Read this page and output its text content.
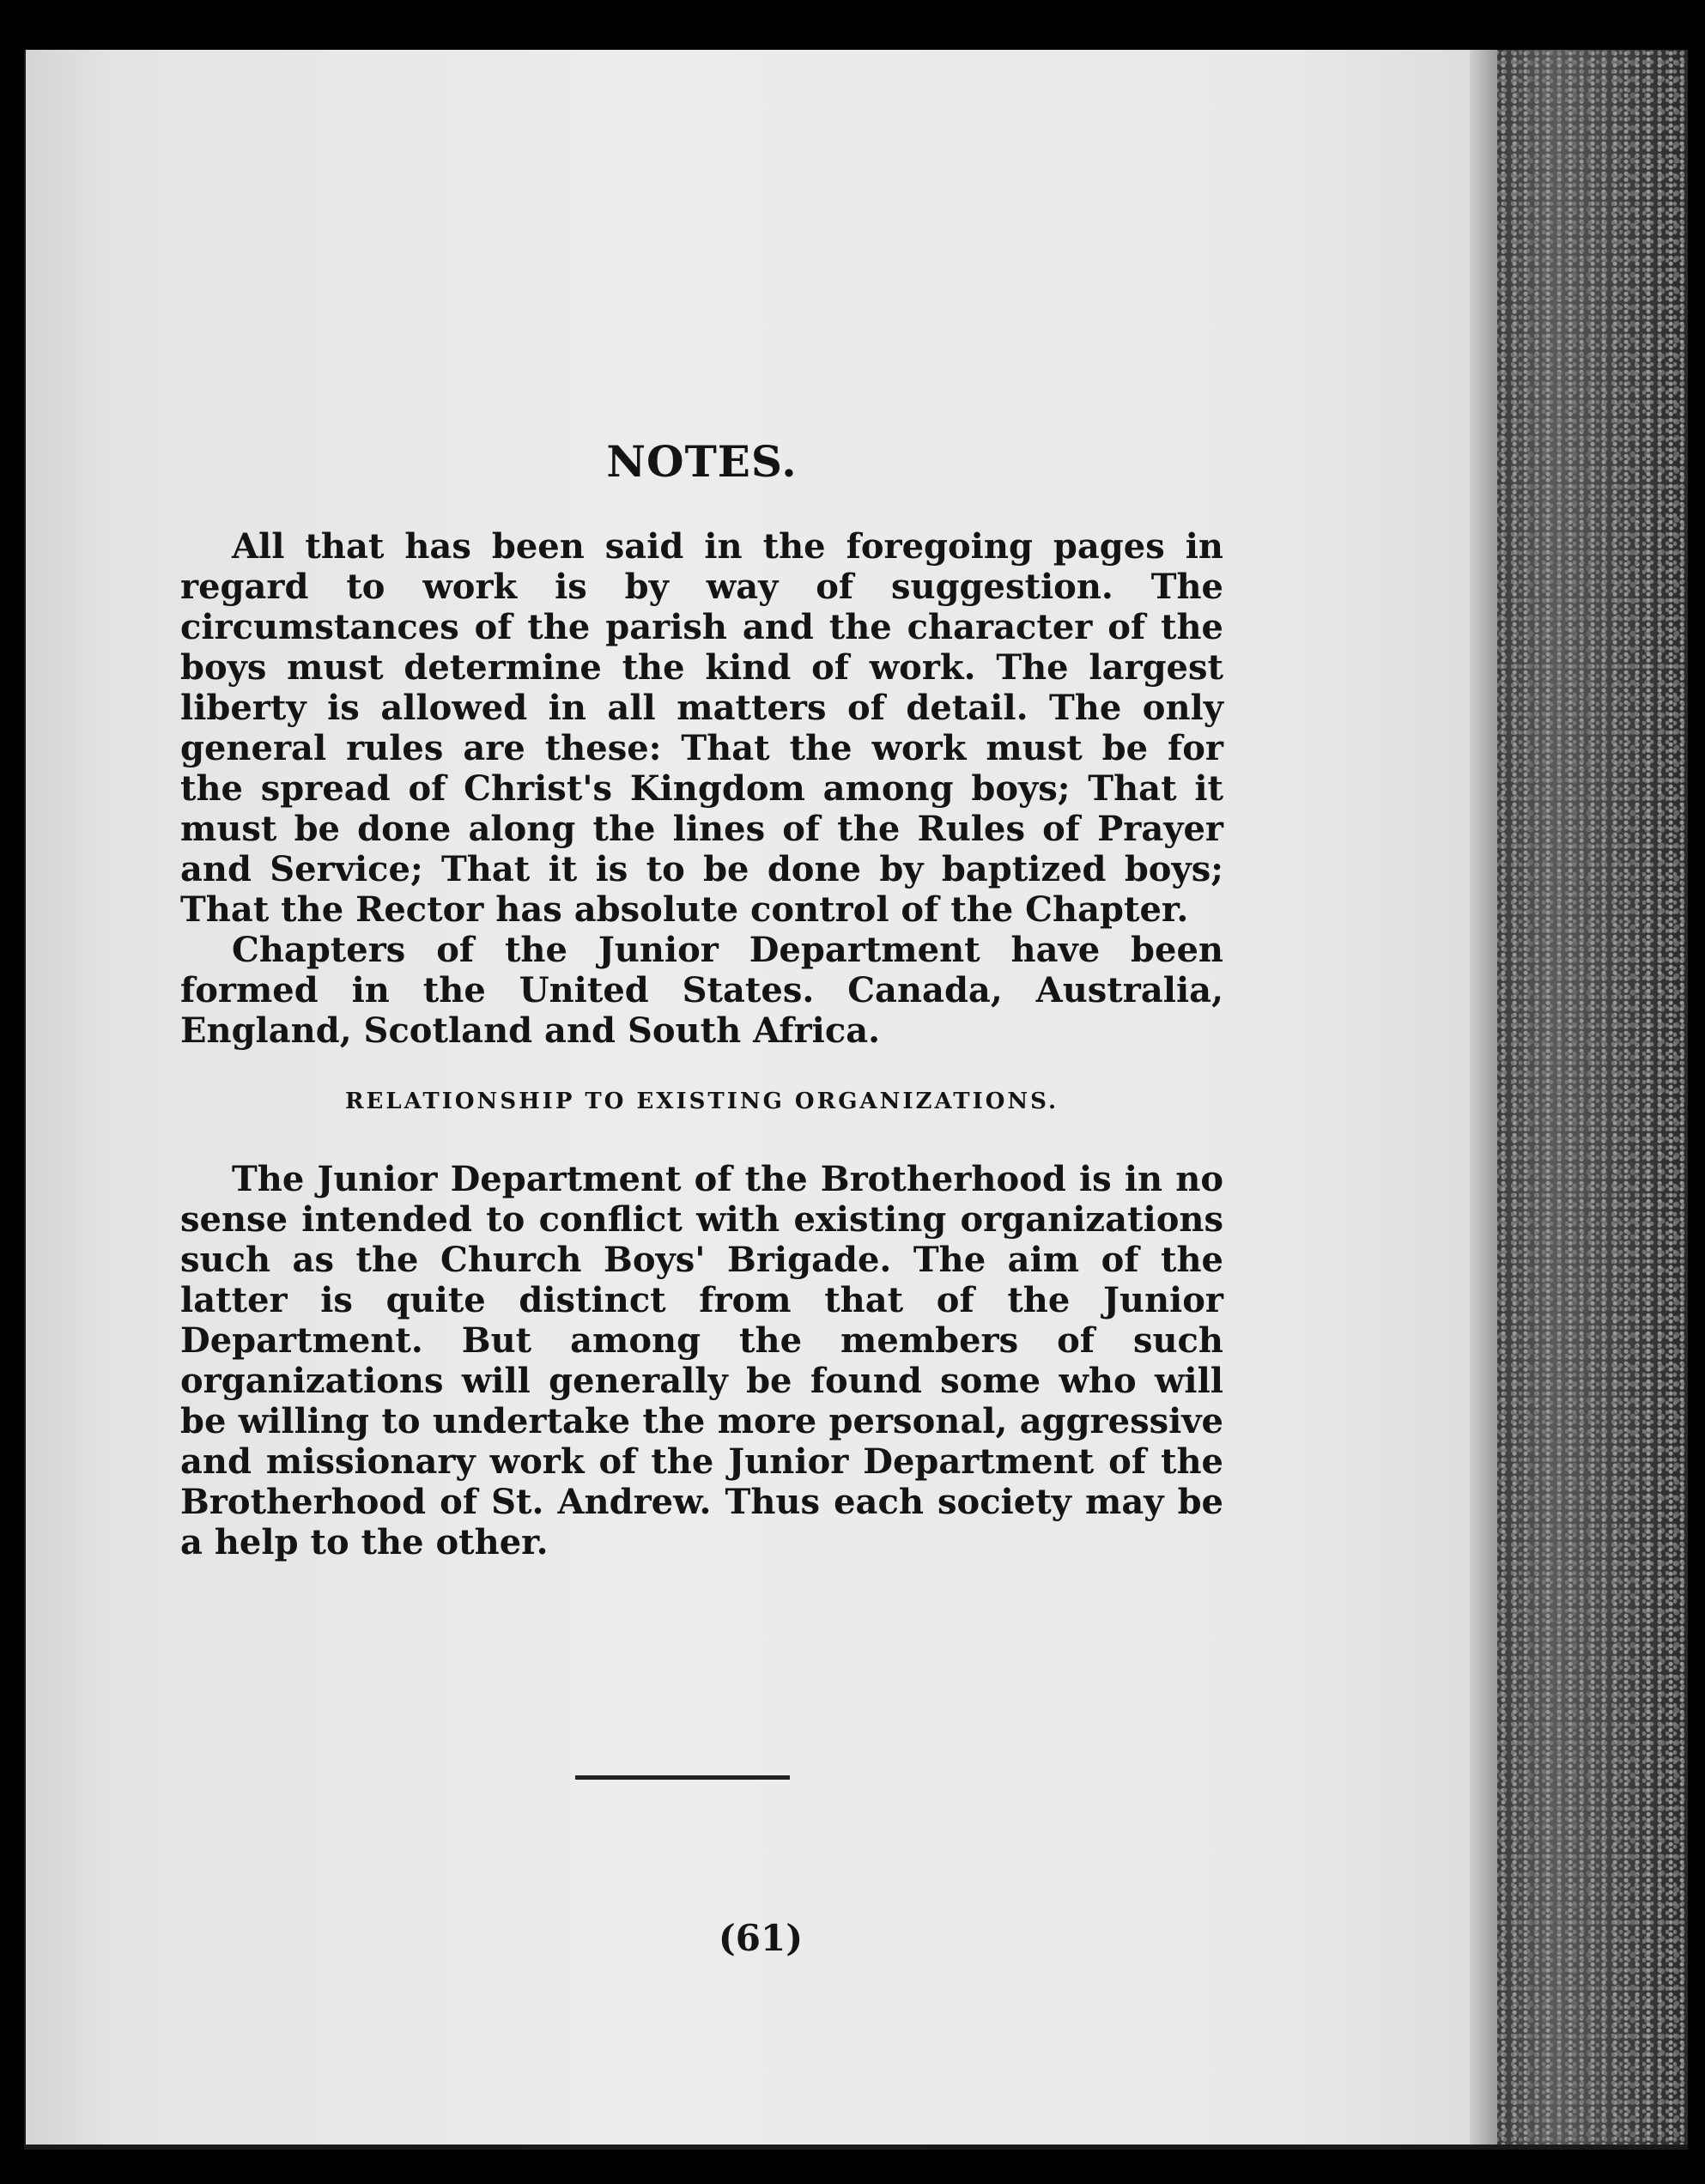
NOTES.

All that has been said in the foregoing pages in regard to work is by way of suggestion. The circumstances of the parish and the character of the boys must determine the kind of work. The largest liberty is allowed in all matters of detail. The only general rules are these: That the work must be for the spread of Christ's Kingdom among boys; That it must be done along the lines of the Rules of Prayer and Service; That it is to be done by baptized boys; That the Rector has absolute control of the Chapter.

Chapters of the Junior Department have been formed in the United States. Canada, Australia, England, Scotland and South Africa.

RELATIONSHIP TO EXISTING ORGANIZATIONS.

The Junior Department of the Brotherhood is in no sense intended to conflict with existing organizations such as the Church Boys' Brigade. The aim of the latter is quite distinct from that of the Junior Department. But among the members of such organizations will generally be found some who will be willing to undertake the more personal, aggressive and missionary work of the Junior Department of the Brotherhood of St. Andrew. Thus each society may be a help to the other.

(61)
